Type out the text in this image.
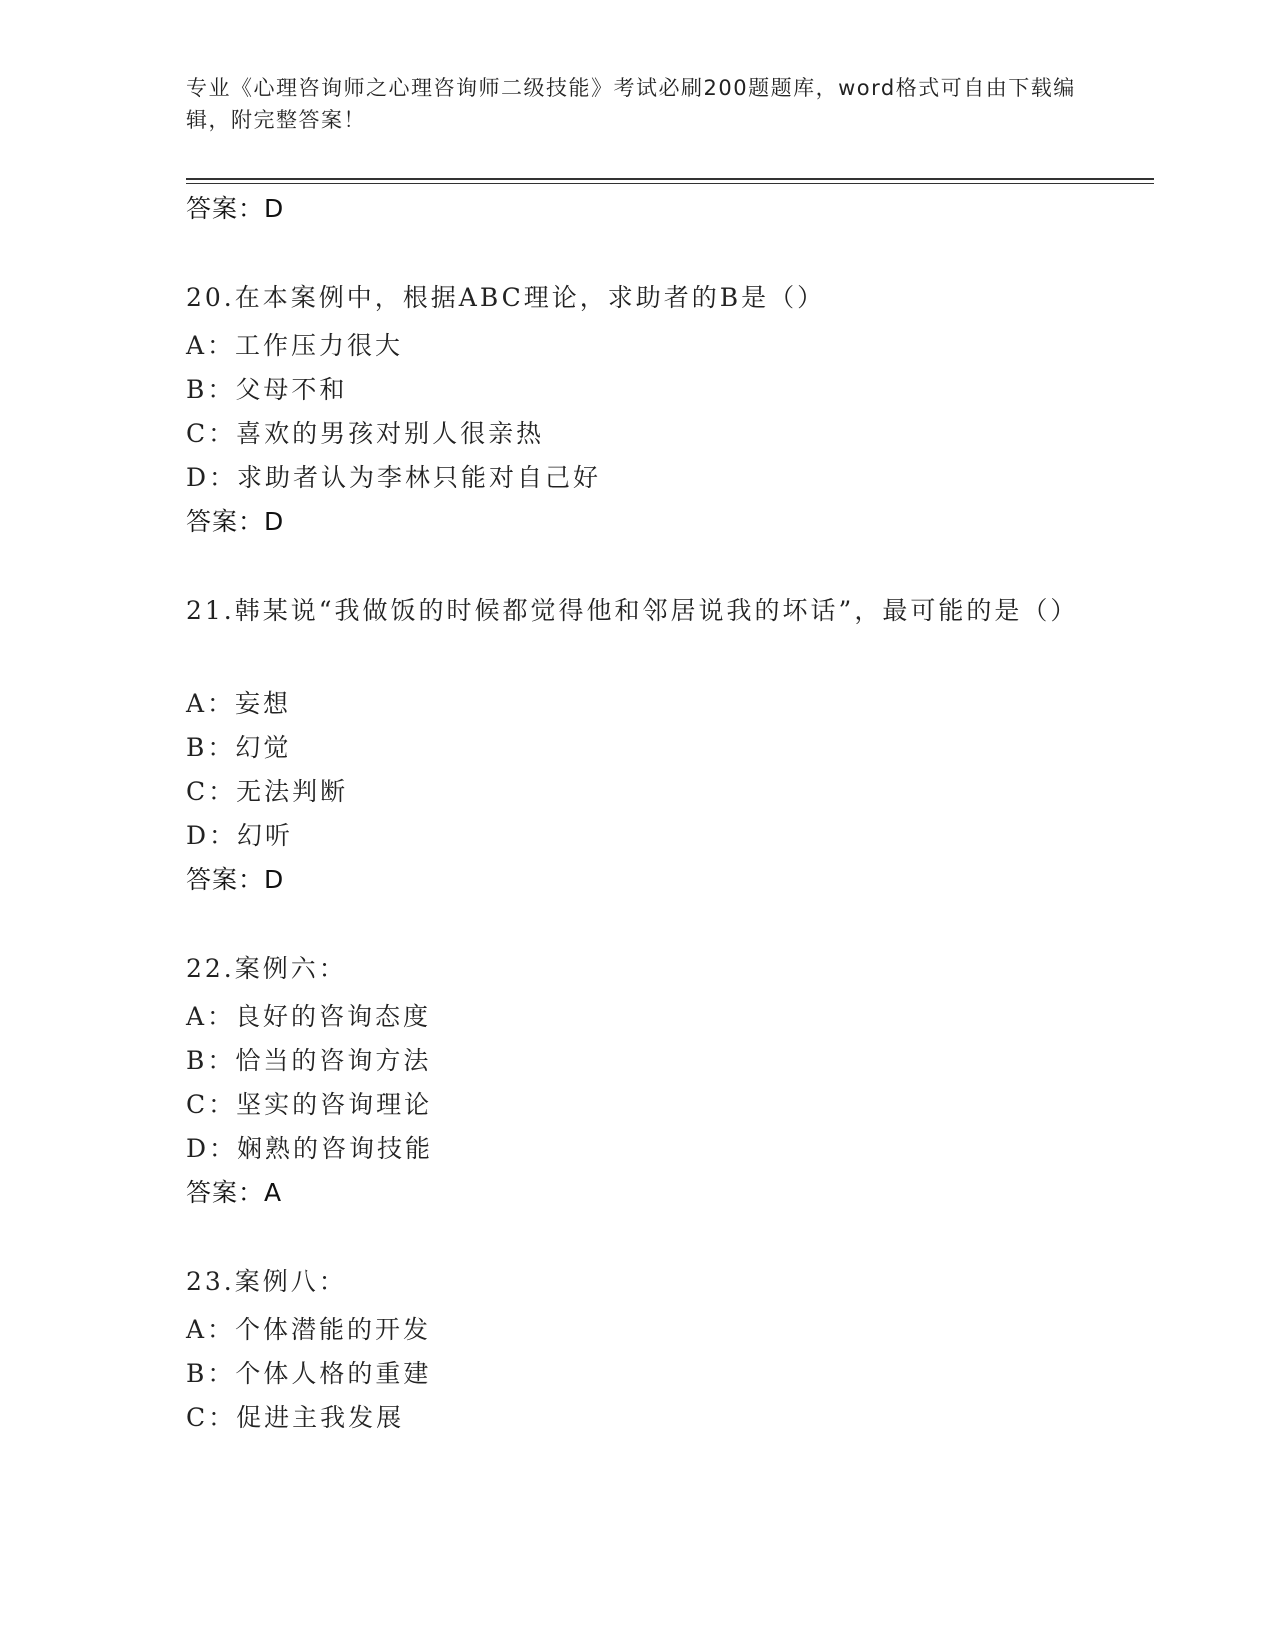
专业《心理咨询师之心理咨询师二级技能》考试必刷200题题库，word格式可自由下载编辑，附完整答案！
答案：D
20.在本案例中，根据ABC理论，求助者的B是（）
A：工作压力很大
B：父母不和
C：喜欢的男孩对别人很亲热
D：求助者认为李林只能对自己好
答案：D
21.韩某说“我做饭的时候都觉得他和邻居说我的坏话”，最可能的是（）
A：妄想
B：幻觉
C：无法判断
D：幻听
答案：D
22.案例六：
A：良好的咨询态度
B：恰当的咨询方法
C：坚实的咨询理论
D：娴熟的咨询技能
答案：A
23.案例八：
A：个体潜能的开发
B：个体人格的重建
C：促进主我发展
